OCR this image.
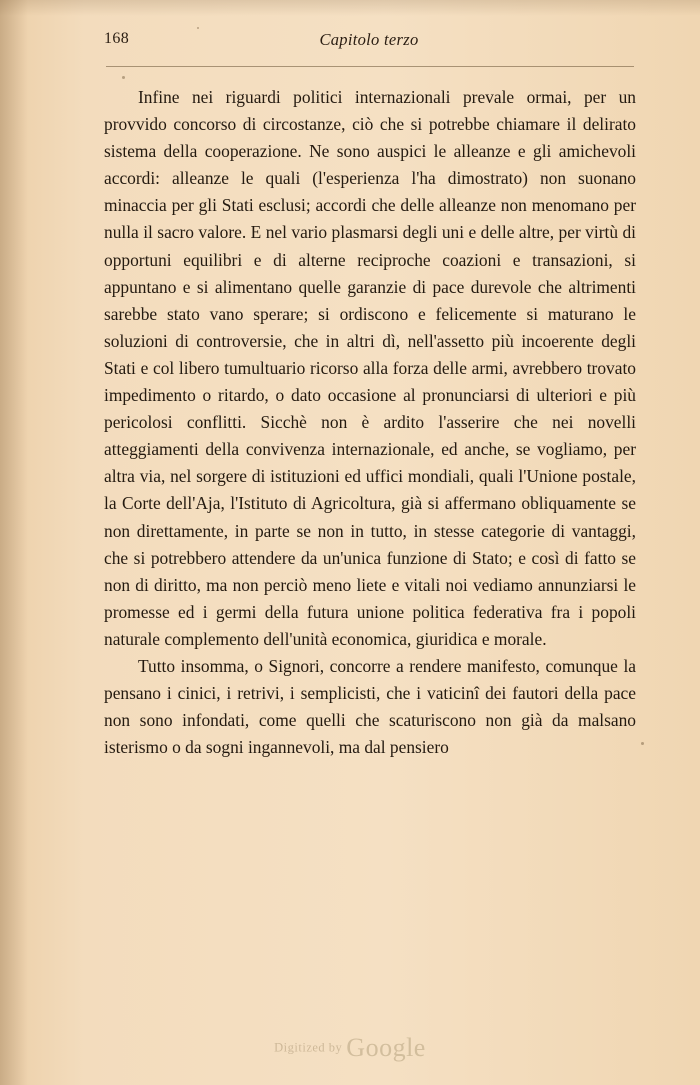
168	Capitolo terzo

Infine nei riguardi politici internazionali prevale ormai, per un provvido concorso di circostanze, ciò che si potrebbe chiamare il delirato sistema della cooperazione. Ne sono auspici le alleanze e gli amichevoli accordi: alleanze le quali (l'esperienza l'ha dimostrato) non suonano minaccia per gli Stati esclusi; accordi che delle alleanze non menomano per nulla il sacro valore. E nel vario plasmarsi degli uni e delle altre, per virtù di opportuni equilibri e di alterne reciproche coazioni e transazioni, si appuntano e si alimentano quelle garanzie di pace durevole che altrimenti sarebbe stato vano sperare; si ordiscono e felicemente si maturano le soluzioni di controversie, che in altri dì, nell'assetto più incoerente degli Stati e col libero tumultuario ricorso alla forza delle armi, avrebbero trovato impedimento o ritardo, o dato occasione al pronunciarsi di ulteriori e più pericolosi conflitti. Sicchè non è ardito l'asserire che nei novelli atteggiamenti della convivenza internazionale, ed anche, se vogliamo, per altra via, nel sorgere di istituzioni ed uffici mondiali, quali l'Unione postale, la Corte dell'Aja, l'Istituto di Agricoltura, già si affermano obliquamente se non direttamente, in parte se non in tutto, in stesse categorie di vantaggi, che si potrebbero attendere da un'unica funzione di Stato; e così di fatto se non di diritto, ma non perciò meno liete e vitali noi vediamo annunziarsi le promesse ed i germi della futura unione politica federativa fra i popoli naturale complemento dell'unità economica, giuridica e morale.

Tutto insomma, o Signori, concorre a rendere manifesto, comunque la pensano i cinici, i retrivi, i semplicisti, che i vaticinî dei fautori della pace non sono infondati, come quelli che scaturiscono non già da malsano isterismo o da sogni ingannevoli, ma dal pensiero

Digitized by Google
